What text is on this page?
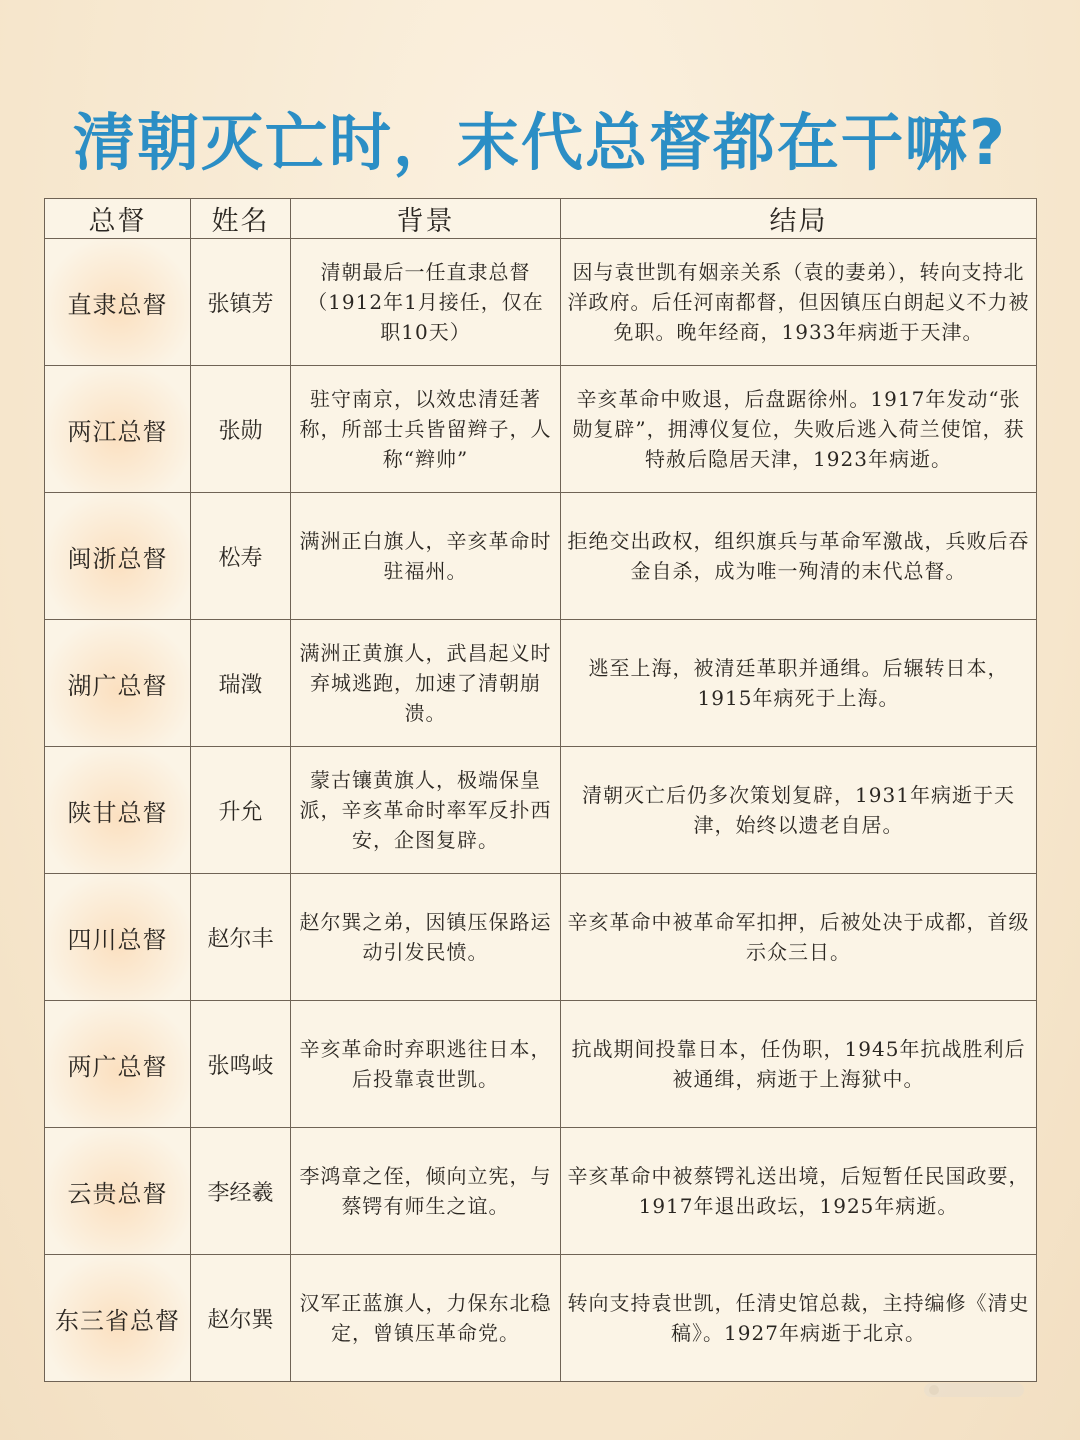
清朝灭亡时，末代总督都在干嘛?
总督	姓名	背景	结局
直隶总督	张镇芳	清朝最后一任直隶总督（1912年1月接任，仅在职10天）	因与袁世凯有姻亲关系（袁的妻弟），转向支持北洋政府。后任河南都督，但因镇压白朗起义不力被免职。晚年经商，1933年病逝于天津。
两江总督	张勋	驻守南京，以效忠清廷著称，所部士兵皆留辫子，人称“辫帅”	辛亥革命中败退，后盘踞徐州。1917年发动“张勋复辟”，拥溥仪复位，失败后逃入荷兰使馆，获特赦后隐居天津，1923年病逝。
闽浙总督	松寿	满洲正白旗人，辛亥革命时驻福州。	拒绝交出政权，组织旗兵与革命军激战，兵败后吞金自杀，成为唯一殉清的末代总督。
湖广总督	瑞澂	满洲正黄旗人，武昌起义时弃城逃跑，加速了清朝崩溃。	逃至上海，被清廷革职并通缉。后辗转日本，1915年病死于上海。
陕甘总督	升允	蒙古镶黄旗人，极端保皇派，辛亥革命时率军反扑西安，企图复辟。	清朝灭亡后仍多次策划复辟，1931年病逝于天津，始终以遗老自居。
四川总督	赵尔丰	赵尔巽之弟，因镇压保路运动引发民愤。	辛亥革命中被革命军扣押，后被处决于成都，首级示众三日。
两广总督	张鸣岐	辛亥革命时弃职逃往日本，后投靠袁世凯。	抗战期间投靠日本，任伪职，1945年抗战胜利后被通缉，病逝于上海狱中。
云贵总督	李经羲	李鸿章之侄，倾向立宪，与蔡锷有师生之谊。	辛亥革命中被蔡锷礼送出境，后短暂任民国政要，1917年退出政坛，1925年病逝。
东三省总督	赵尔巽	汉军正蓝旗人，力保东北稳定，曾镇压革命党。	转向支持袁世凯，任清史馆总裁，主持编修《清史稿》。1927年病逝于北京。
